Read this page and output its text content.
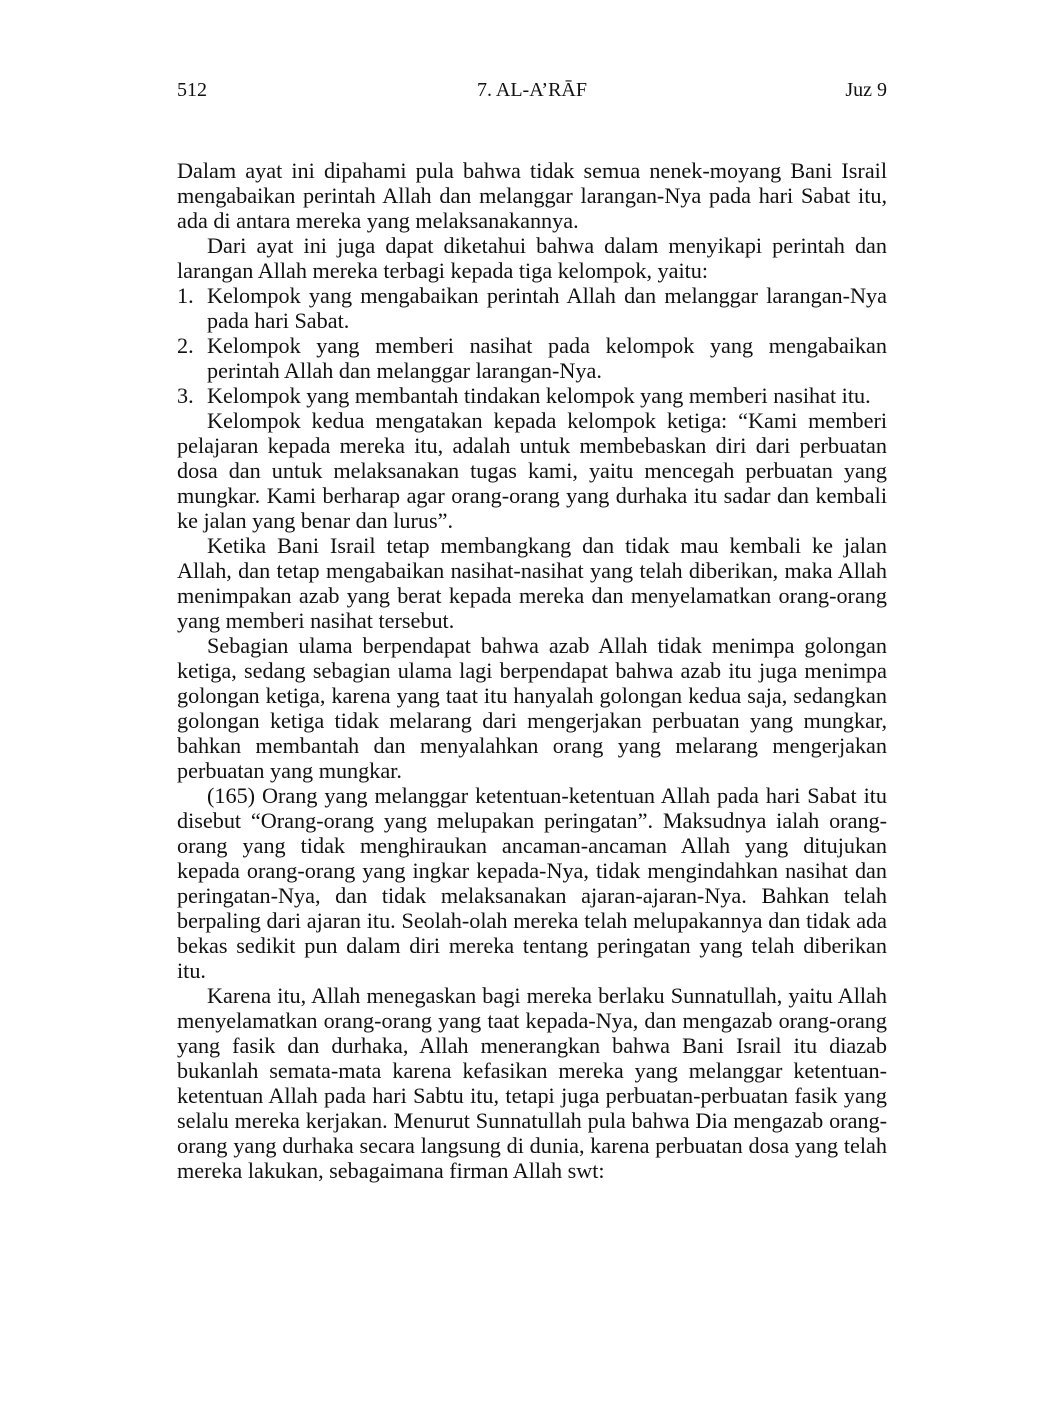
512	7. AL-A’RĀF	Juz 9

Dalam ayat ini dipahami pula bahwa tidak semua nenek-moyang Bani Israil mengabaikan perintah Allah dan melanggar larangan-Nya pada hari Sabat itu, ada di antara mereka yang melaksanakannya.

Dari ayat ini juga dapat diketahui bahwa dalam menyikapi perintah dan larangan Allah mereka terbagi kepada tiga kelompok, yaitu:

1. Kelompok yang mengabaikan perintah Allah dan melanggar larangan-Nya pada hari Sabat.
2. Kelompok yang memberi nasihat pada kelompok yang mengabaikan perintah Allah dan melanggar larangan-Nya.
3. Kelompok yang membantah tindakan kelompok yang memberi nasihat itu.

Kelompok kedua mengatakan kepada kelompok ketiga: “Kami memberi pelajaran kepada mereka itu, adalah untuk membebaskan diri dari perbuatan dosa dan untuk melaksanakan tugas kami, yaitu mencegah perbuatan yang mungkar. Kami berharap agar orang-orang yang durhaka itu sadar dan kembali ke jalan yang benar dan lurus”.

Ketika Bani Israil tetap membangkang dan tidak mau kembali ke jalan Allah, dan tetap mengabaikan nasihat-nasihat yang telah diberikan, maka Allah menimpakan azab yang berat kepada mereka dan menyelamatkan orang-orang yang memberi nasihat tersebut.

Sebagian ulama berpendapat bahwa azab Allah tidak menimpa golongan ketiga, sedang sebagian ulama lagi berpendapat bahwa azab itu juga menimpa golongan ketiga, karena yang taat itu hanyalah golongan kedua saja, sedangkan golongan ketiga tidak melarang dari mengerjakan perbuatan yang mungkar, bahkan membantah dan menyalahkan orang yang melarang mengerjakan perbuatan yang mungkar.

(165) Orang yang melanggar ketentuan-ketentuan Allah pada hari Sabat itu disebut “Orang-orang yang melupakan peringatan”. Maksudnya ialah orang-orang yang tidak menghiraukan ancaman-ancaman Allah yang ditujukan kepada orang-orang yang ingkar kepada-Nya, tidak mengindahkan nasihat dan peringatan-Nya, dan tidak melaksanakan ajaran-ajaran-Nya. Bahkan telah berpaling dari ajaran itu. Seolah-olah mereka telah melupakannya dan tidak ada bekas sedikit pun dalam diri mereka tentang peringatan yang telah diberikan itu.

Karena itu, Allah menegaskan bagi mereka berlaku Sunnatullah, yaitu Allah menyelamatkan orang-orang yang taat kepada-Nya, dan mengazab orang-orang yang fasik dan durhaka, Allah menerangkan bahwa Bani Israil itu diazab bukanlah semata-mata karena kefasikan mereka yang melanggar ketentuan-ketentuan Allah pada hari Sabtu itu, tetapi juga perbuatan-perbuatan fasik yang selalu mereka kerjakan. Menurut Sunnatullah pula bahwa Dia mengazab orang-orang yang durhaka secara langsung di dunia, karena perbuatan dosa yang telah mereka lakukan, sebagaimana firman Allah swt:
